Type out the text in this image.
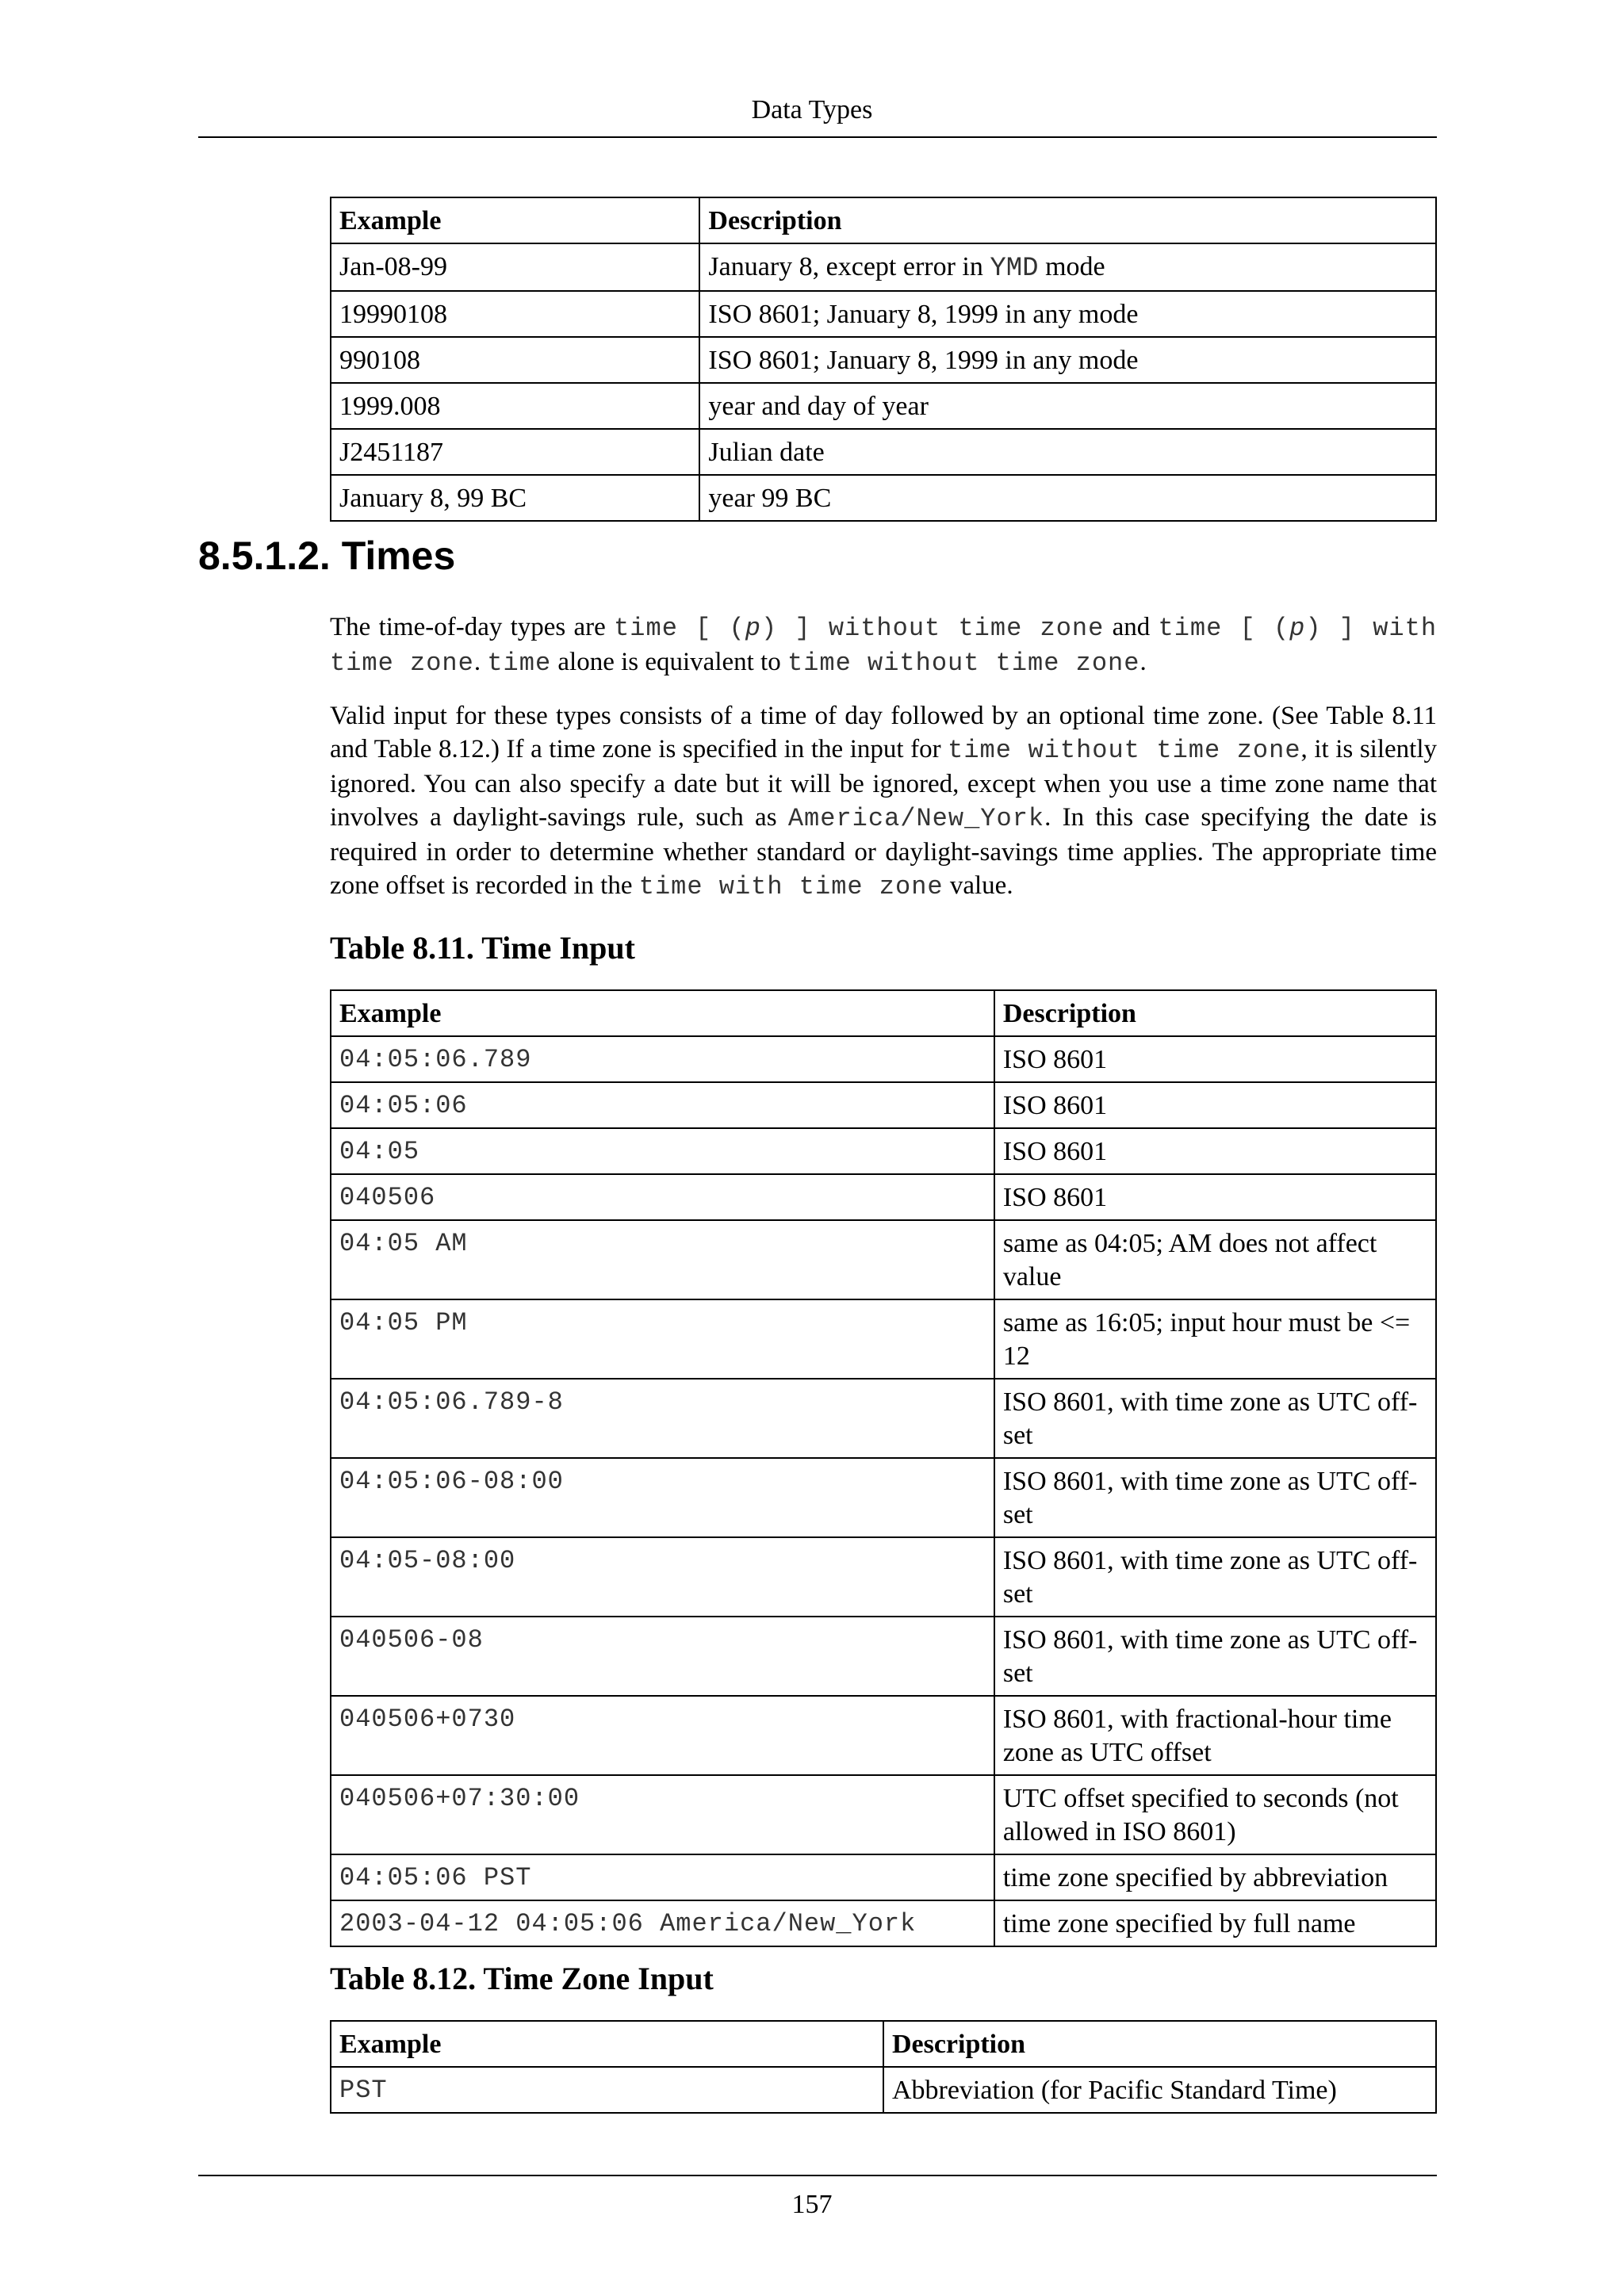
Data Types
Example	Description
Jan-08-99	January 8, except error in YMD mode
19990108	ISO 8601; January 8, 1999 in any mode
990108	ISO 8601; January 8, 1999 in any mode
1999.008	year and day of year
J2451187	Julian date
January 8, 99 BC	year 99 BC
8.5.1.2. Times

The time-of-day types are time [ (p) ] without time zone and time [ (p) ] with time zone. time alone is equivalent to time without time zone.

Valid input for these types consists of a time of day followed by an optional time zone. (See Table 8.11 and Table 8.12.) If a time zone is specified in the input for time without time zone, it is silently ignored. You can also specify a date but it will be ignored, except when you use a time zone name that involves a daylight-savings rule, such as America/New_York. In this case specifying the date is required in order to determine whether standard or daylight-savings time applies. The appropriate time zone offset is recorded in the time with time zone value.

Table 8.11. Time Input
Example	Description
04:05:06.789	ISO 8601
04:05:06	ISO 8601
04:05	ISO 8601
040506	ISO 8601
04:05 AM	same as 04:05; AM does not affect value
04:05 PM	same as 16:05; input hour must be <= 12
04:05:06.789-8	ISO 8601, with time zone as UTC off-set
04:05:06-08:00	ISO 8601, with time zone as UTC off-set
04:05-08:00	ISO 8601, with time zone as UTC off-set
040506-08	ISO 8601, with time zone as UTC off-set
040506+0730	ISO 8601, with fractional-hour time zone as UTC offset
040506+07:30:00	UTC offset specified to seconds (not allowed in ISO 8601)
04:05:06 PST	time zone specified by abbreviation
2003-04-12 04:05:06 America/New_York	time zone specified by full name
Table 8.12. Time Zone Input
Example	Description
PST	Abbreviation (for Pacific Standard Time)
157
